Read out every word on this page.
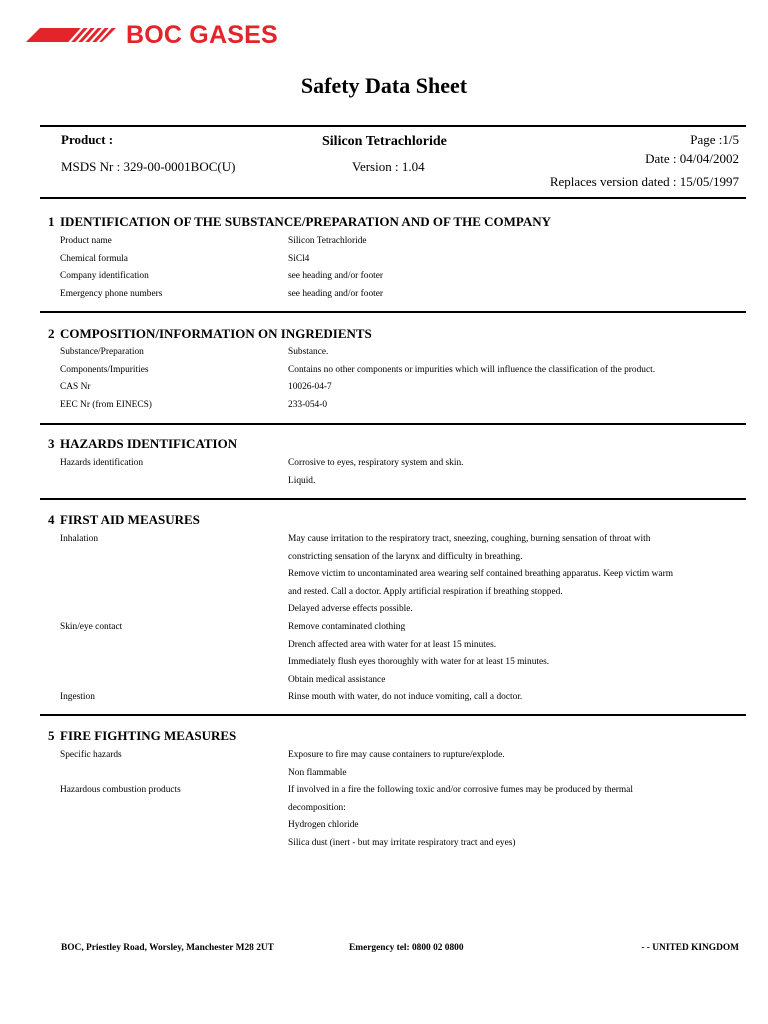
BOC GASES
Safety Data Sheet
Product :	Silicon Tetrachloride	Page :1/5
Date : 04/04/2002
MSDS Nr : 329-00-0001BOC(U)	Version : 1.04
Replaces version dated : 15/05/1997
1 IDENTIFICATION OF THE SUBSTANCE/PREPARATION AND OF THE COMPANY
Product name	Silicon Tetrachloride
Chemical formula	SiCl4
Company identification	see heading and/or footer
Emergency phone numbers	see heading and/or footer
2 COMPOSITION/INFORMATION ON INGREDIENTS
Substance/Preparation	Substance.
Components/Impurities	Contains no other components or impurities which will influence the classification of the product.
CAS Nr	10026-04-7
EEC Nr (from EINECS)	233-054-0
3 HAZARDS IDENTIFICATION
Hazards identification	Corrosive to eyes, respiratory system and skin.
Liquid.
4 FIRST AID MEASURES
Inhalation	May cause irritation to the respiratory tract, sneezing, coughing, burning sensation of throat with
constricting sensation of the larynx and difficulty in breathing.
Remove victim to uncontaminated area wearing self contained breathing apparatus. Keep victim warm
and rested. Call a doctor. Apply artificial respiration if breathing stopped.
Delayed adverse effects possible.
Skin/eye contact	Remove contaminated clothing
Drench affected area with water for at least 15 minutes.
Immediately flush eyes thoroughly with water for at least 15 minutes.
Obtain medical assistance
Ingestion	Rinse mouth with water, do not induce vomiting, call a doctor.
5 FIRE FIGHTING MEASURES
Specific hazards	Exposure to fire may cause containers to rupture/explode.
Non flammable
Hazardous combustion products	If involved in a fire the following toxic and/or corrosive fumes may be produced by thermal
decomposition:
Hydrogen chloride
Silica dust (inert - but may irritate respiratory tract and eyes)
BOC, Priestley Road, Worsley, Manchester M28 2UT	Emergency tel: 0800 02 0800	- - UNITED KINGDOM
